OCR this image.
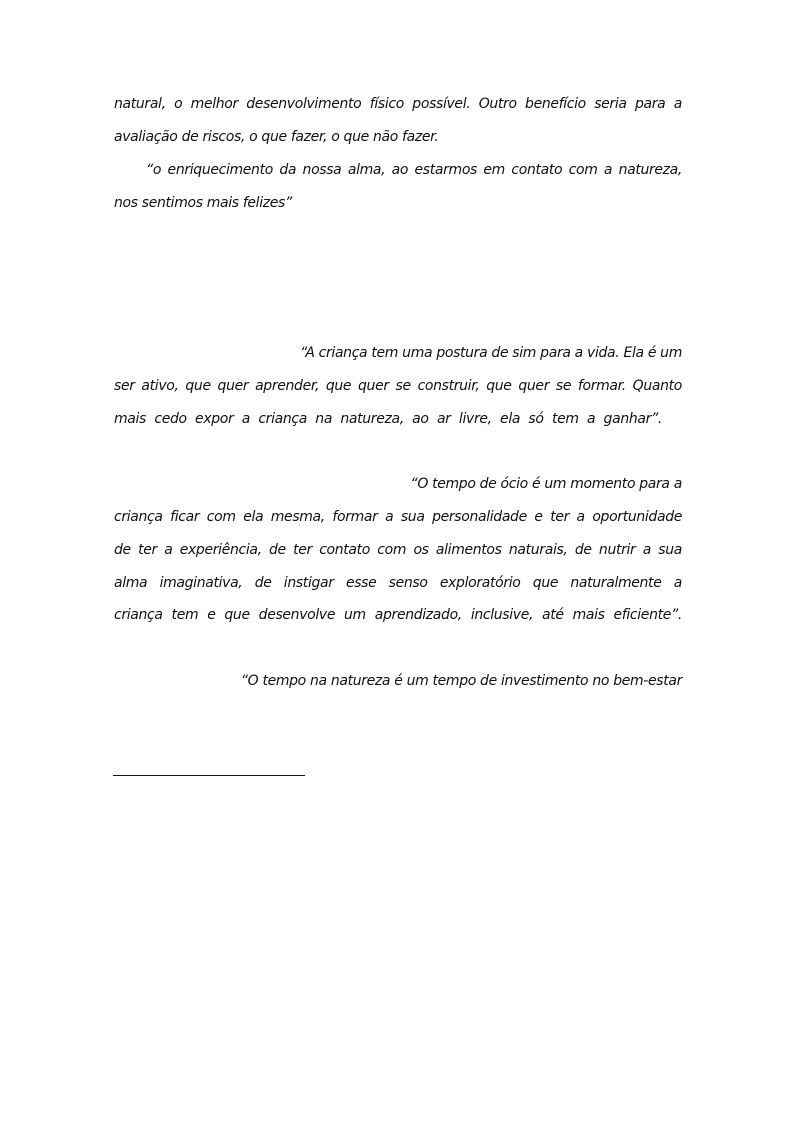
natural, o melhor desenvolvimento físico possível. Outro benefício seria para a
avaliação de riscos, o que fazer, o que não fazer.
“o enriquecimento da nossa alma, ao estarmos em contato com a natureza,
nos sentimos mais felizes”
“A criança tem uma postura de sim para a vida. Ela é um
ser ativo, que quer aprender, que quer se construir, que quer se formar. Quanto
mais cedo expor a criança na natureza, ao ar livre, ela só tem a ganhar”.
“O tempo de ócio é um momento para a
criança ficar com ela mesma, formar a sua personalidade e ter a oportunidade
de ter a experiência, de ter contato com os alimentos naturais, de nutrir a sua
alma imaginativa, de instigar esse senso exploratório que naturalmente a
criança tem e que desenvolve um aprendizado, inclusive, até mais eficiente”.
“O tempo na natureza é um tempo de investimento no bem-estar
